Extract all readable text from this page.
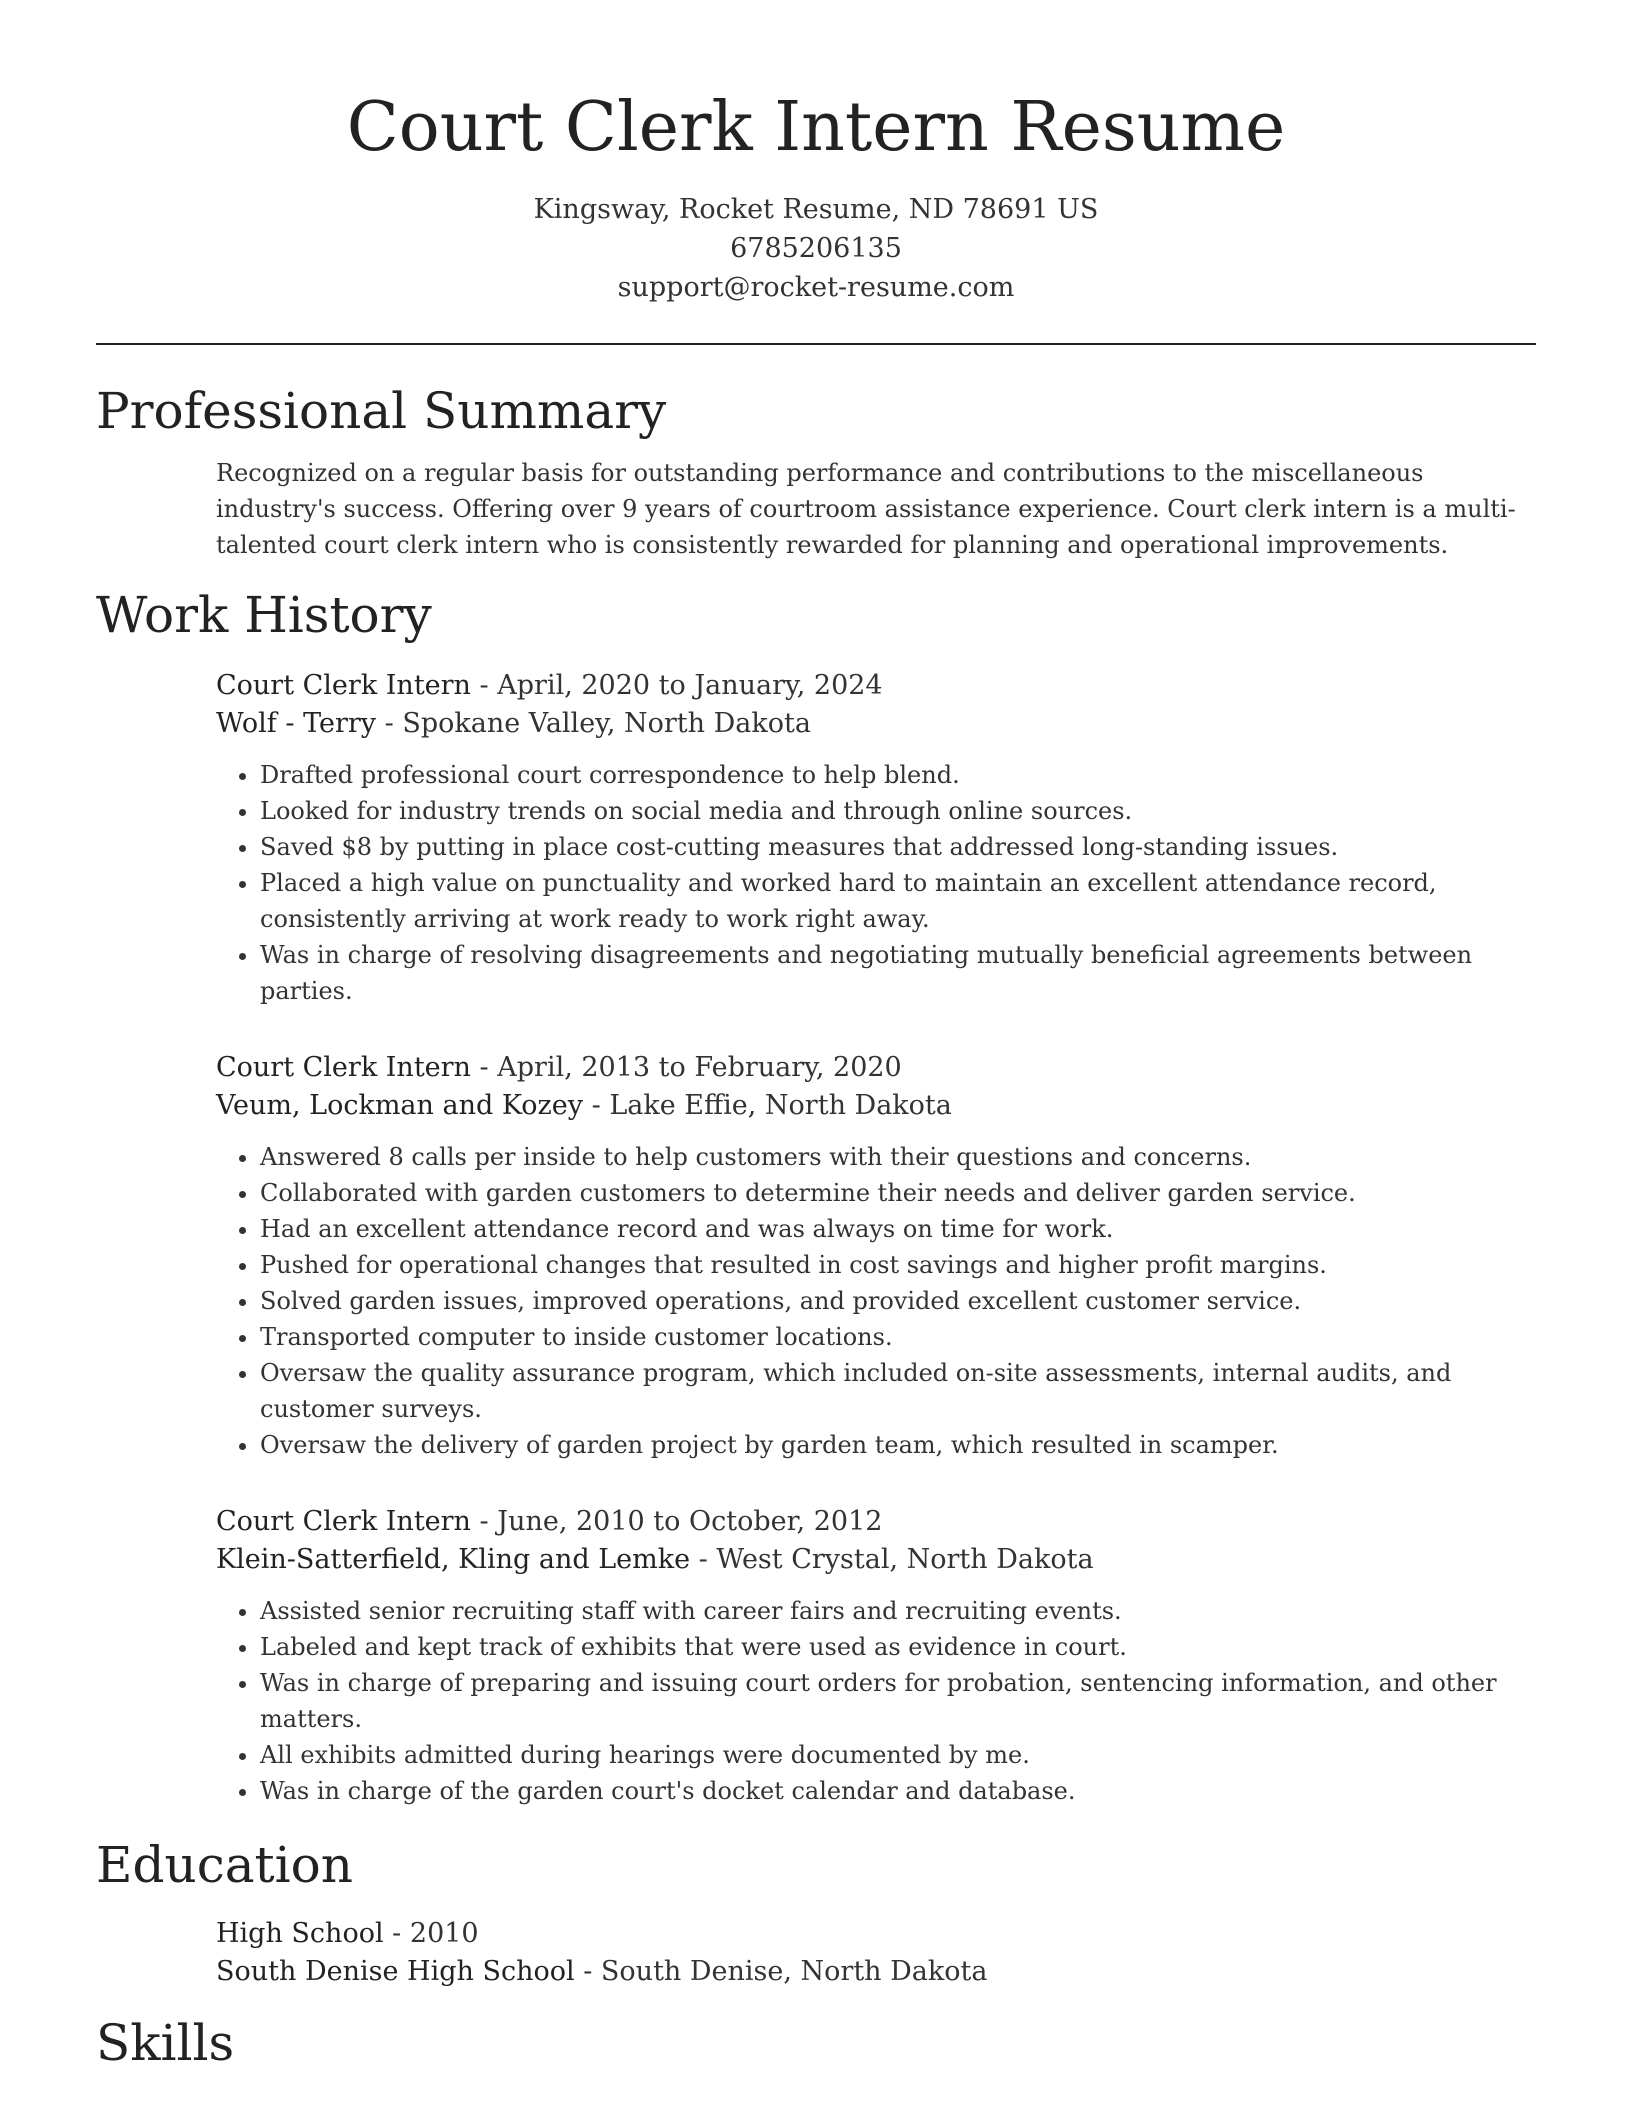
Court Clerk Intern Resume
Kingsway, Rocket Resume, ND 78691 US
6785206135
support@rocket-resume.com
Professional Summary
Recognized on a regular basis for outstanding performance and contributions to the miscellaneous industry's success. Offering over 9 years of courtroom assistance experience. Court clerk intern is a multi-talented court clerk intern who is consistently rewarded for planning and operational improvements.
Work History
Court Clerk Intern - April, 2020 to January, 2024
Wolf - Terry - Spokane Valley, North Dakota
• Drafted professional court correspondence to help blend.
• Looked for industry trends on social media and through online sources.
• Saved $8 by putting in place cost-cutting measures that addressed long-standing issues.
• Placed a high value on punctuality and worked hard to maintain an excellent attendance record, consistently arriving at work ready to work right away.
• Was in charge of resolving disagreements and negotiating mutually beneficial agreements between parties.
Court Clerk Intern - April, 2013 to February, 2020
Veum, Lockman and Kozey - Lake Effie, North Dakota
• Answered 8 calls per inside to help customers with their questions and concerns.
• Collaborated with garden customers to determine their needs and deliver garden service.
• Had an excellent attendance record and was always on time for work.
• Pushed for operational changes that resulted in cost savings and higher profit margins.
• Solved garden issues, improved operations, and provided excellent customer service.
• Transported computer to inside customer locations.
• Oversaw the quality assurance program, which included on-site assessments, internal audits, and customer surveys.
• Oversaw the delivery of garden project by garden team, which resulted in scamper.
Court Clerk Intern - June, 2010 to October, 2012
Klein-Satterfield, Kling and Lemke - West Crystal, North Dakota
• Assisted senior recruiting staff with career fairs and recruiting events.
• Labeled and kept track of exhibits that were used as evidence in court.
• Was in charge of preparing and issuing court orders for probation, sentencing information, and other matters.
• All exhibits admitted during hearings were documented by me.
• Was in charge of the garden court's docket calendar and database.
Education
High School - 2010
South Denise High School - South Denise, North Dakota
Skills
